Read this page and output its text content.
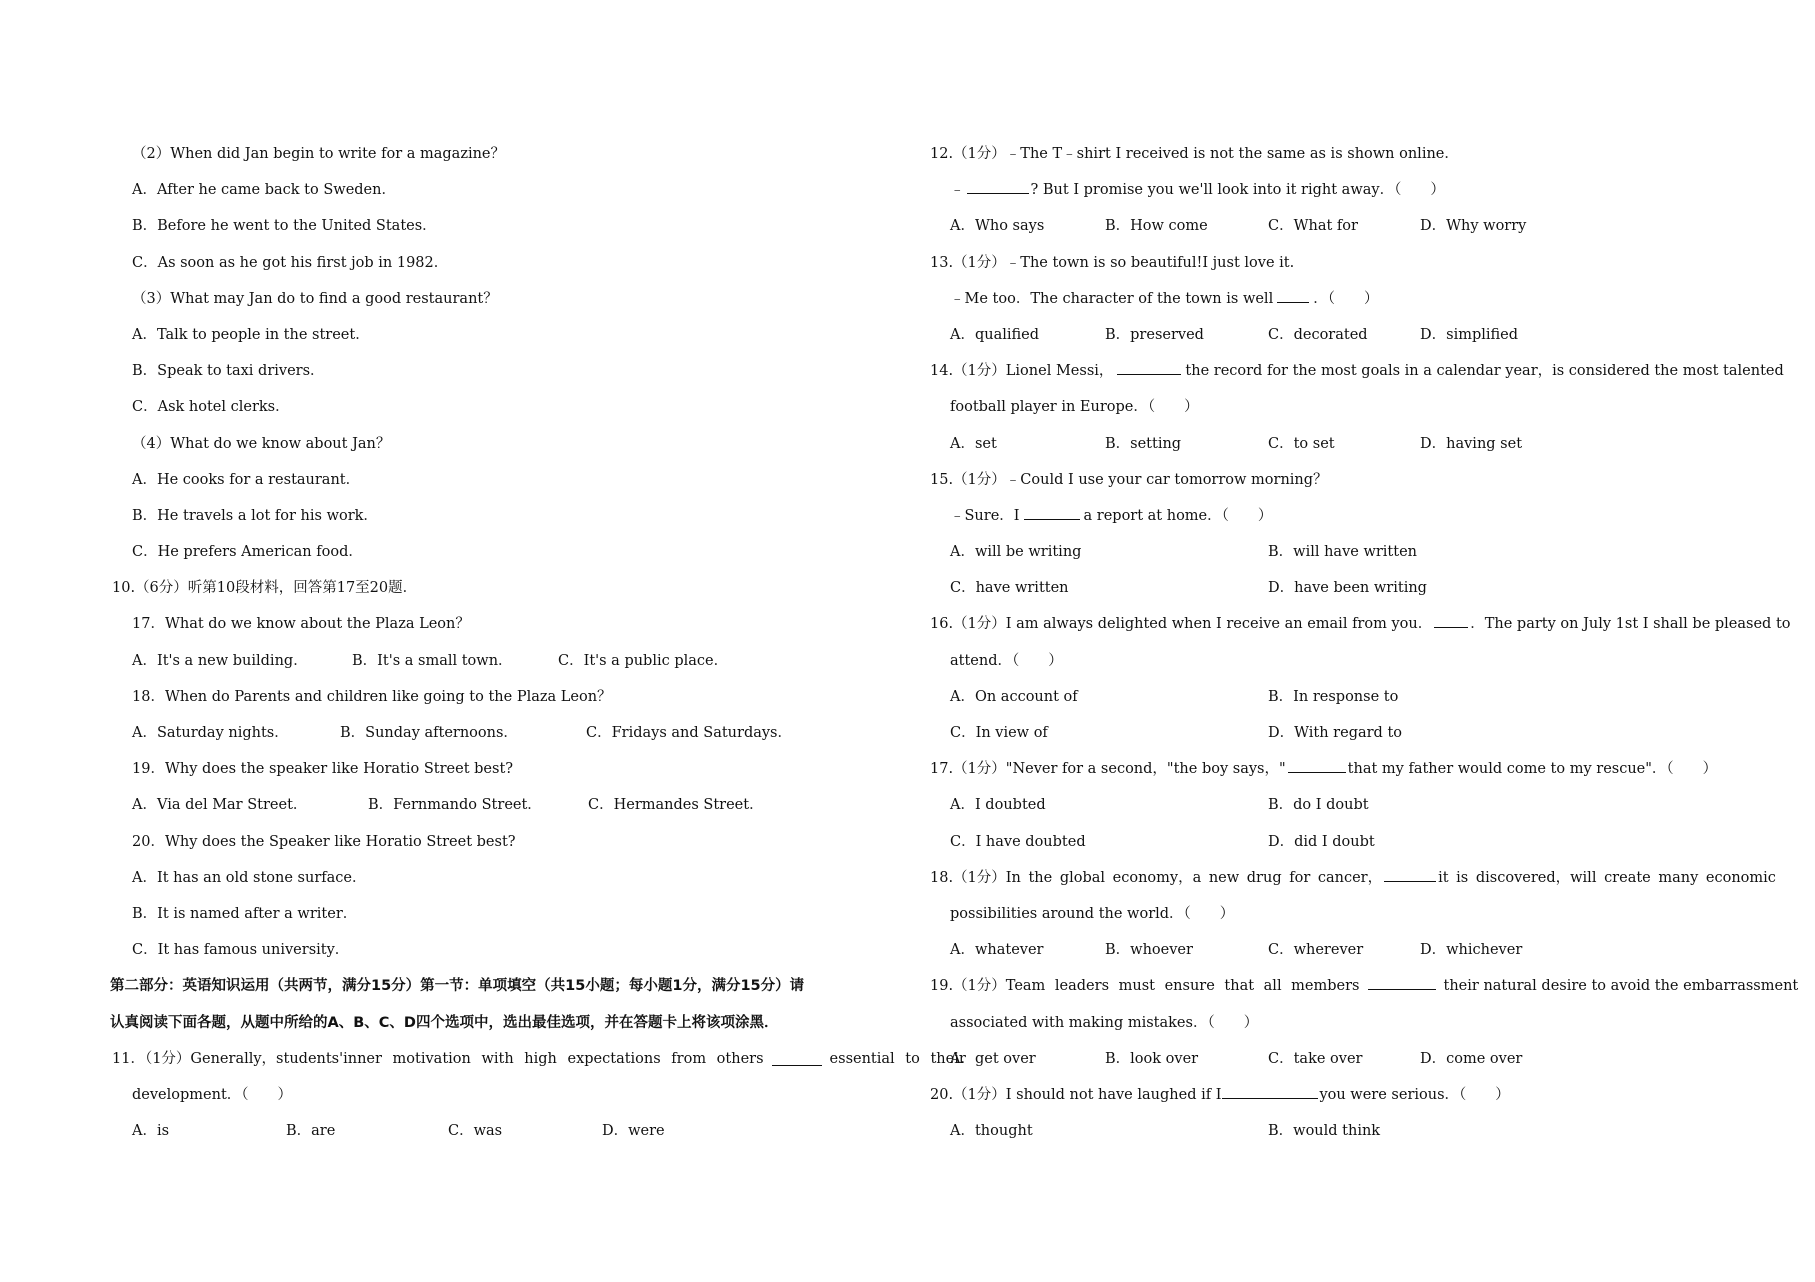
（2）When did Jan begin to write for a magazine？
A．After he came back to Sweden．
B．Before he went to the United States．
C．As soon as he got his first job in 1982．
（3）What may Jan do to find a good restaurant？
A．Talk to people in the street．
B．Speak to taxi drivers．
C．Ask hotel clerks．
（4）What do we know about Jan？
A．He cooks for a restaurant．
B．He travels a lot for his work．
C．He prefers American food．
10.（6分）听第10段材料，回答第17至20题．
17．What do we know about the Plaza Leon？
A．It's a new building．	B．It's a small town．	C．It's a public place．
18．When do Parents and children like going to the Plaza Leon？
A．Saturday nights．	B．Sunday afternoons．	C．Fridays and Saturdays．
19．Why does the speaker like Horatio Street best?
A．Via del Mar Street．	B．Fernmando Street．	C．Hermandes Street．
20．Why does the Speaker like Horatio Street best?
A．It has an old stone surface．
B．It is named after a writer．
C．It has famous university．
第二部分：英语知识运用（共两节，满分15分）第一节：单项填空（共15小题；每小题1分，满分15分）请
认真阅读下面各题，从题中所给的A、B、C、D四个选项中，选出最佳选项，并在答题卡上将该项涂黑．
11．（1分）Generally，students'inner motivation with high expectations from others	essential to their
development．（　　）
A．is	B．are	C．was	D．were
12.（1分）﹣The T﹣shirt I received is not the same as is shown online．
﹣	? But I promise you we'll look into it right away．（　　）
A．Who says	B．How come	C．What for	D．Why worry
13.（1分）﹣The town is so beautiful!I just love it.
﹣Me too．The character of the town is well	．（　　）
A．qualified	B．preserved	C．decorated	D．simplified
14.（1分）Lionel Messi，	the record for the most goals in a calendar year，is considered the most talented
football player in Europe．（　　）
A．set	B．setting	C．to set	D．having set
15.（1分）﹣Could I use your car tomorrow morning？
﹣Sure．I	a report at home．（　　）
A．will be writing	B．will have written
C．have written	D．have been writing
16.（1分）I am always delighted when I receive an email from you．	．The party on July 1st I shall be pleased to
attend．（　　）
A．On account of	B．In response to
C．In view of	D．With regard to
17.（1分）"Never for a second，"the boy says，"	that my father would come to my rescue"．（　　）
A．I doubted	B．do I doubt
C．I have doubted	D．did I doubt
18.（1分）In the global economy，a new drug for cancer，	it is discovered，will create many economic
possibilities around the world．（　　）
A．whatever	B．whoever	C．wherever	D．whichever
19.（1分）Team leaders must ensure that all members	their natural desire to avoid the embarrassment
associated with making mistakes．（　　）
A．get over	B．look over	C．take over	D．come over
20.（1分）I should not have laughed if I	you were serious．（　　）
A．thought	B．would think
